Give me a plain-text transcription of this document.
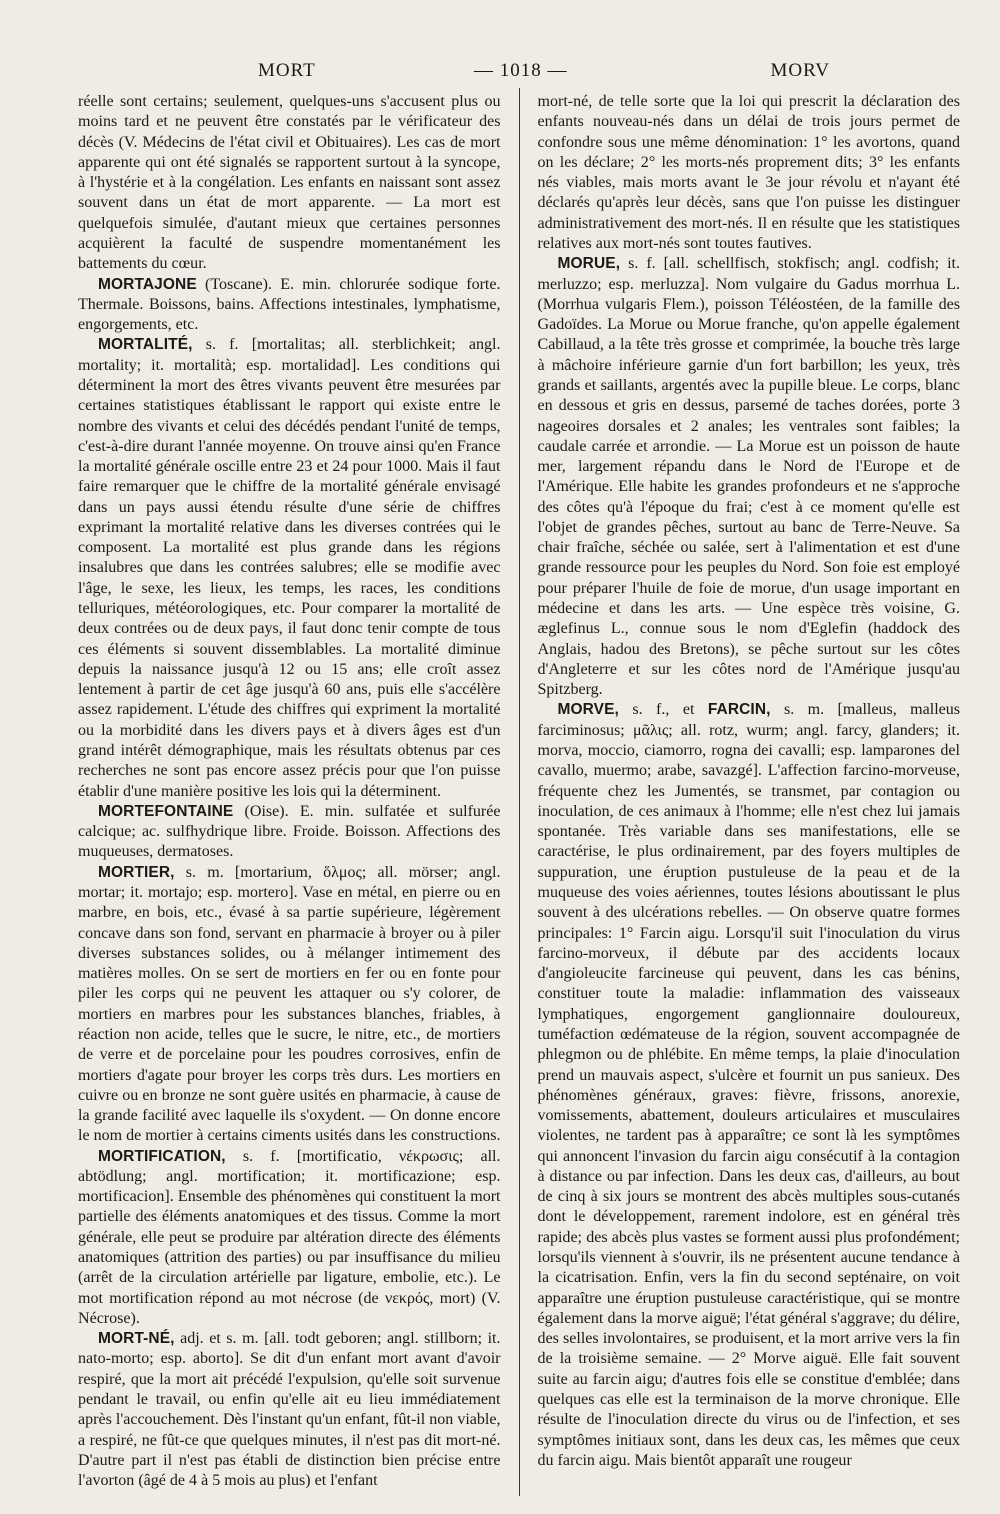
MORT	— 1018 —	MORV

réelle sont certains; seulement, quelques-uns s'accusent plus ou moins tard et ne peuvent être constatés par le vérificateur des décès (V. Médecins de l'état civil et Obituaires). Les cas de mort apparente qui ont été signalés se rapportent surtout à la syncope, à l'hystérie et à la congélation. Les enfants en naissant sont assez souvent dans un état de mort apparente. — La mort est quelquefois simulée, d'autant mieux que certaines personnes acquièrent la faculté de suspendre momentanément les battements du cœur.

MORTAJONE (Toscane). E. min. chlorurée sodique forte. Thermale. Boissons, bains. Affections intestinales, lymphatisme, engorgements, etc.

MORTALITÉ, s. f. [mortalitas; all. sterblichkeit; angl. mortality; it. mortalità; esp. mortalidad]. Les conditions qui déterminent la mort des êtres vivants peuvent être mesurées par certaines statistiques établissant le rapport qui existe entre le nombre des vivants et celui des décédés pendant l'unité de temps, c'est-à-dire durant l'année moyenne. On trouve ainsi qu'en France la mortalité générale oscille entre 23 et 24 pour 1000. Mais il faut faire remarquer que le chiffre de la mortalité générale envisagé dans un pays aussi étendu résulte d'une série de chiffres exprimant la mortalité relative dans les diverses contrées qui le composent. La mortalité est plus grande dans les régions insalubres que dans les contrées salubres; elle se modifie avec l'âge, le sexe, les lieux, les temps, les races, les conditions telluriques, météorologiques, etc. Pour comparer la mortalité de deux contrées ou de deux pays, il faut donc tenir compte de tous ces éléments si souvent dissemblables. La mortalité diminue depuis la naissance jusqu'à 12 ou 15 ans; elle croît assez lentement à partir de cet âge jusqu'à 60 ans, puis elle s'accélère assez rapidement. L'étude des chiffres qui expriment la mortalité ou la morbidité dans les divers pays et à divers âges est d'un grand intérêt démographique, mais les résultats obtenus par ces recherches ne sont pas encore assez précis pour que l'on puisse établir d'une manière positive les lois qui la déterminent.

MORTEFONTAINE (Oise). E. min. sulfatée et sulfurée calcique; ac. sulfhydrique libre. Froide. Boisson. Affections des muqueuses, dermatoses.

MORTIER, s. m. [mortarium, ὅλμος; all. mörser; angl. mortar; it. mortajo; esp. mortero]. Vase en métal, en pierre ou en marbre, en bois, etc., évasé à sa partie supérieure, légèrement concave dans son fond, servant en pharmacie à broyer ou à piler diverses substances solides, ou à mélanger intimement des matières molles. On se sert de mortiers en fer ou en fonte pour piler les corps qui ne peuvent les attaquer ou s'y colorer, de mortiers en marbres pour les substances blanches, friables, à réaction non acide, telles que le sucre, le nitre, etc., de mortiers de verre et de porcelaine pour les poudres corrosives, enfin de mortiers d'agate pour broyer les corps très durs. Les mortiers en cuivre ou en bronze ne sont guère usités en pharmacie, à cause de la grande facilité avec laquelle ils s'oxydent. — On donne encore le nom de mortier à certains ciments usités dans les constructions.

MORTIFICATION, s. f. [mortificatio, νέκρωσις; all. abtödlung; angl. mortification; it. mortificazione; esp. mortificacion]. Ensemble des phénomènes qui constituent la mort partielle des éléments anatomiques et des tissus. Comme la mort générale, elle peut se produire par altération directe des éléments anatomiques (attrition des parties) ou par insuffisance du milieu (arrêt de la circulation artérielle par ligature, embolie, etc.). Le mot mortification répond au mot nécrose (de νεκρός, mort) (V. Nécrose).

MORT-NÉ, adj. et s. m. [all. todt geboren; angl. stillborn; it. nato-morto; esp. aborto]. Se dit d'un enfant mort avant d'avoir respiré, que la mort ait précédé l'expulsion, qu'elle soit survenue pendant le travail, ou enfin qu'elle ait eu lieu immédiatement après l'accouchement. Dès l'instant qu'un enfant, fût-il non viable, a respiré, ne fût-ce que quelques minutes, il n'est pas dit mort-né. D'autre part il n'est pas établi de distinction bien précise entre l'avorton (âgé de 4 à 5 mois au plus) et l'enfant

mort-né, de telle sorte que la loi qui prescrit la déclaration des enfants nouveau-nés dans un délai de trois jours permet de confondre sous une même dénomination: 1° les avortons, quand on les déclare; 2° les morts-nés proprement dits; 3° les enfants nés viables, mais morts avant le 3e jour révolu et n'ayant été déclarés qu'après leur décès, sans que l'on puisse les distinguer administrativement des mort-nés. Il en résulte que les statistiques relatives aux mort-nés sont toutes fautives.

MORUE, s. f. [all. schellfisch, stokfisch; angl. codfish; it. merluzzo; esp. merluzza]. Nom vulgaire du Gadus morrhua L. (Morrhua vulgaris Flem.), poisson Téléostéen, de la famille des Gadoïdes. La Morue ou Morue franche, qu'on appelle également Cabillaud, a la tête très grosse et comprimée, la bouche très large à mâchoire inférieure garnie d'un fort barbillon; les yeux, très grands et saillants, argentés avec la pupille bleue. Le corps, blanc en dessous et gris en dessus, parsemé de taches dorées, porte 3 nageoires dorsales et 2 anales; les ventrales sont faibles; la caudale carrée et arrondie. — La Morue est un poisson de haute mer, largement répandu dans le Nord de l'Europe et de l'Amérique. Elle habite les grandes profondeurs et ne s'approche des côtes qu'à l'époque du frai; c'est à ce moment qu'elle est l'objet de grandes pêches, surtout au banc de Terre-Neuve. Sa chair fraîche, séchée ou salée, sert à l'alimentation et est d'une grande ressource pour les peuples du Nord. Son foie est employé pour préparer l'huile de foie de morue, d'un usage important en médecine et dans les arts. — Une espèce très voisine, G. æglefinus L., connue sous le nom d'Eglefin (haddock des Anglais, hadou des Bretons), se pêche surtout sur les côtes d'Angleterre et sur les côtes nord de l'Amérique jusqu'au Spitzberg.

MORVE, s. f., et FARCIN, s. m. [malleus, malleus farciminosus; μᾶλις; all. rotz, wurm; angl. farcy, glanders; it. morva, moccio, ciamorro, rogna dei cavalli; esp. lamparones del cavallo, muermo; arabe, savazgé]. L'affection farcino-morveuse, fréquente chez les Jumentés, se transmet, par contagion ou inoculation, de ces animaux à l'homme; elle n'est chez lui jamais spontanée. Très variable dans ses manifestations, elle se caractérise, le plus ordinairement, par des foyers multiples de suppuration, une éruption pustuleuse de la peau et de la muqueuse des voies aériennes, toutes lésions aboutissant le plus souvent à des ulcérations rebelles. — On observe quatre formes principales: 1° Farcin aigu. Lorsqu'il suit l'inoculation du virus farcino-morveux, il débute par des accidents locaux d'angioleucite farcineuse qui peuvent, dans les cas bénins, constituer toute la maladie: inflammation des vaisseaux lymphatiques, engorgement ganglionnaire douloureux, tuméfaction œdémateuse de la région, souvent accompagnée de phlegmon ou de phlébite. En même temps, la plaie d'inoculation prend un mauvais aspect, s'ulcère et fournit un pus sanieux. Des phénomènes généraux, graves: fièvre, frissons, anorexie, vomissements, abattement, douleurs articulaires et musculaires violentes, ne tardent pas à apparaître; ce sont là les symptômes qui annoncent l'invasion du farcin aigu consécutif à la contagion à distance ou par infection. Dans les deux cas, d'ailleurs, au bout de cinq à six jours se montrent des abcès multiples sous-cutanés dont le développement, rarement indolore, est en général très rapide; des abcès plus vastes se forment aussi plus profondément; lorsqu'ils viennent à s'ouvrir, ils ne présentent aucune tendance à la cicatrisation. Enfin, vers la fin du second septénaire, on voit apparaître une éruption pustuleuse caractéristique, qui se montre également dans la morve aiguë; l'état général s'aggrave; du délire, des selles involontaires, se produisent, et la mort arrive vers la fin de la troisième semaine. — 2° Morve aiguë. Elle fait souvent suite au farcin aigu; d'autres fois elle se constitue d'emblée; dans quelques cas elle est la terminaison de la morve chronique. Elle résulte de l'inoculation directe du virus ou de l'infection, et ses symptômes initiaux sont, dans les deux cas, les mêmes que ceux du farcin aigu. Mais bientôt apparaît une rougeur
